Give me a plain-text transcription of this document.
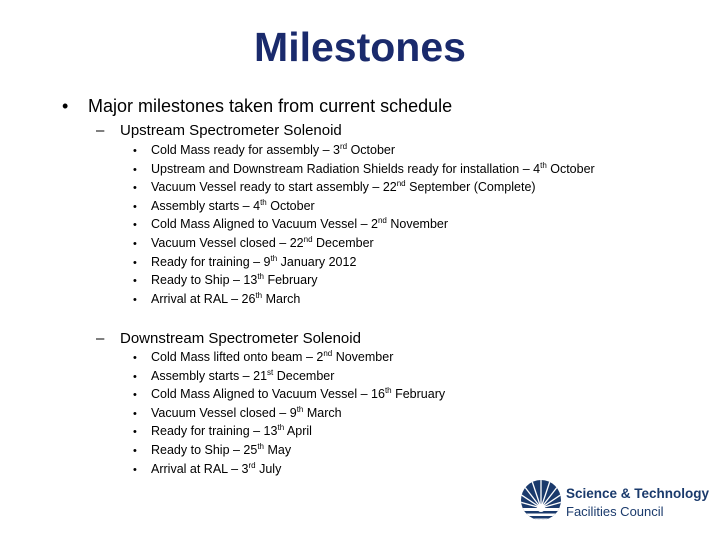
Milestones
•	Major milestones taken from current schedule
–	Upstream Spectrometer Solenoid
•	Cold Mass ready for assembly – 3rd October
•	Upstream and Downstream Radiation Shields ready for installation – 4th October
•	Vacuum Vessel ready to start assembly – 22nd September (Complete)
•	Assembly starts – 4th October
•	Cold Mass Aligned to Vacuum Vessel – 2nd November
•	Vacuum Vessel closed – 22nd December
•	Ready for training – 9th January 2012
•	Ready to Ship – 13th February
•	Arrival at RAL – 26th March
–	Downstream Spectrometer Solenoid
•	Cold Mass lifted onto beam – 2nd November
•	Assembly starts – 21st December
•	Cold Mass Aligned to Vacuum Vessel – 16th February
•	Vacuum Vessel closed – 9th March
•	Ready for training – 13th April
•	Ready to Ship – 25th May
•	Arrival at RAL – 3rd July
Science & Technology
Facilities Council
